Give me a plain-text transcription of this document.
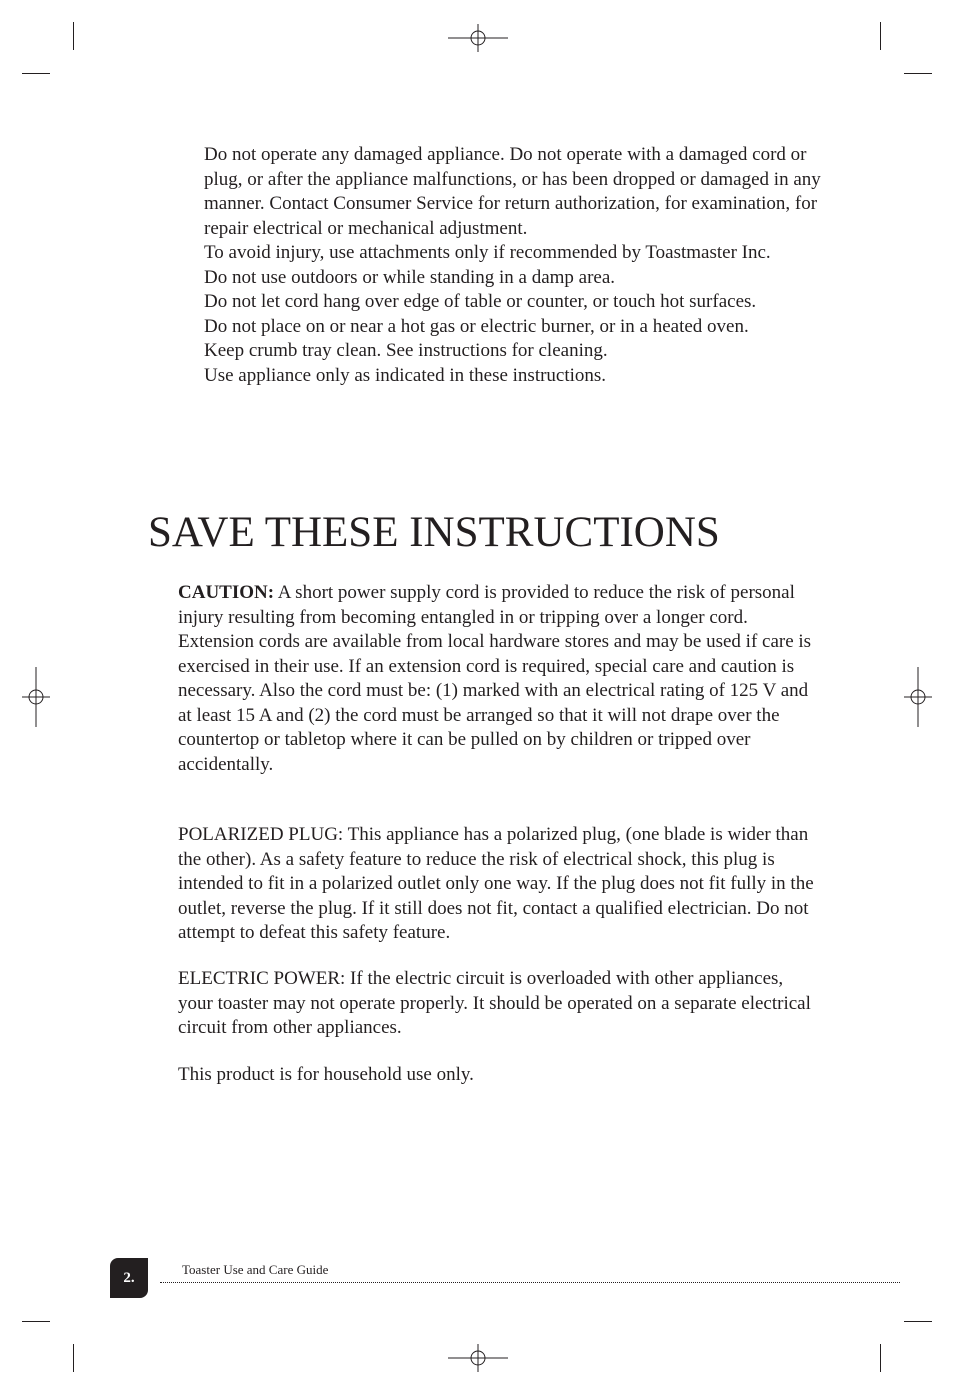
Do not operate any damaged appliance. Do not operate with a damaged cord or plug, or after the appliance malfunctions, or has been dropped or damaged in any manner. Contact Consumer Service for return authorization, for examination, for repair electrical or mechanical adjustment.

To avoid injury, use attachments only if recommended by Toastmaster Inc.

Do not use outdoors or while standing in a damp area.

Do not let cord hang over edge of table or counter, or touch hot surfaces.

Do not place on or near a hot gas or electric burner, or in a heated oven.

Keep crumb tray clean. See instructions for cleaning.

Use appliance only as indicated in these instructions.

SAVE THESE INSTRUCTIONS

CAUTION: A short power supply cord is provided to reduce the risk of personal injury resulting from becoming entangled in or tripping over a longer cord. Extension cords are available from local hardware stores and may be used if care is exercised in their use. If an extension cord is required, special care and caution is necessary. Also the cord must be: (1) marked with an electrical rating of 125 V and at least 15 A and (2) the cord must be arranged so that it will not drape over the countertop or tabletop where it can be pulled on by children or tripped over accidentally.

POLARIZED PLUG: This appliance has a polarized plug, (one blade is wider than the other). As a safety feature to reduce the risk of electrical shock, this plug is intended to fit in a polarized outlet only one way. If the plug does not fit fully in the outlet, reverse the plug. If it still does not fit, contact a qualified electrician. Do not attempt to defeat this safety feature.

ELECTRIC POWER: If the electric circuit is overloaded with other appliances, your toaster may not operate properly. It should be operated on a separate electrical circuit from other appliances.

This product is for household use only.

2.	Toaster Use and Care Guide
